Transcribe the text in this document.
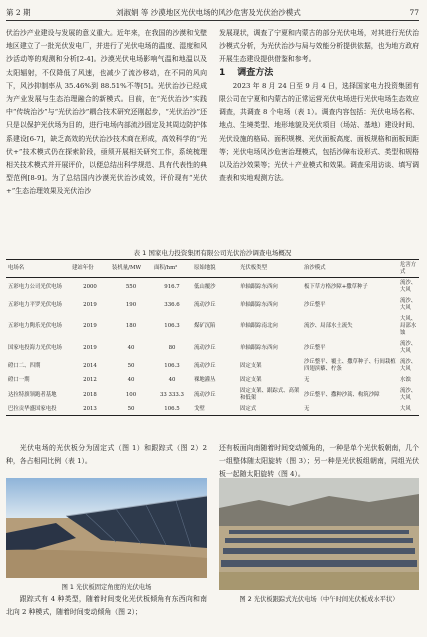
第 2 期	刘淑娟 等 沙漠地区光伏电场的风沙危害及光伏治沙模式	77

伏治沙产业建设与发展的意义重大。近年来，在我国的沙漠和戈壁地区建立了一批光伏发电厂，并进行了光伏电场的温度、湿度和风沙活动等的观测和分析[2-4]。沙漠光伏电场影响气温和地温以及太阳辐射，不仅降低了风速，也减少了流沙移动，在不同的风向下，风沙抑制率从 35.46%到 88.51%不等[5]。光伏治沙已经成为产业发展与生态治理融合的新模式。目前，在“光伏治沙”实践中“传统治沙”与“光伏治沙”耦合技术研究还刚起步，“光伏治沙”还只是以保护光伏场为目的，进行电场内部流沙固定及其周边防护体系建设[6-7]，缺乏高效的光伏治沙技术商在形成，高效科学的“光伏+”技术模式仍在探索阶段，亟须开展相关研究工作，系统梳理相关技术模式并开展评价，以便总结出科学规范、具有代表性的典型范例[8-9]。为了总结国内沙漠光伏治沙成效，评价现有“光伏+”生态治理效果及光伏治沙

发展现状，调查了宁夏和内蒙古的部分光伏电场，对其进行光伏治沙模式分析，为光伏治沙与局与效能分析提供依据，也为地方政府开展生态建设提供借鉴和参考。

1 调查方法

2023 年 8 月 24 日至 9 月 4 日，选择国家电力投资集团有限公司在宁夏和内蒙古的正常运营光伏电场进行光伏电场生态效应调查，共调查 8 个电场（表 1）。调查内容包括：光伏电场名称、地点、生境类型、地形地貌及光伏项目（场站、基地）建设时间、光伏设施的格局、面积规模、光伏面板高度、面板规格和面板间距等；光伏电场风沙危害治理模式，包括沙障布设形式、类型和规格以及治沙效果等；光伏＋产业模式和效果。调查采用访谈、填写调查表和实地观测方法。

表 1 国家电力投资集团有限公司光伏治沙调查电场概况
电场名	建站年份	装机量/MW	面积/hm²	原始地貌	光伏板类型	治沙模式	危害方式
五彩电力公司光伏电场	2000	550	916.7	低山覆沙	单轴跟踪东西向	板下草方格沙障+撒草种子	流沙、大风
五彩电力平罗光伏电场	2019	190	336.6	流动沙丘	单轴跟踪东西向	沙丘整平	流沙、大风
五彩电力陶乐光伏电场	2019	180	106.3	煤矿沉陷	单轴跟踪南北向	流沙、局部水土流失	大风、局部水蚀
国家电投海力光伏电场	2019	40	80	流动沙丘	单轴跟踪东西向	沙丘整平	流沙、大风
磴口二、四期	2014	50	106.3	流动沙丘	固定支架	沙丘整平、覆土、撒草种子、行间栽植四翅滨藜、柠条	流沙、大风
磴口一期	2012	40	40	裸地灌丛	固定支架	无	水蚀
达拉特旗领跑者基地	2018	100	33 333.3	流动沙丘	固定支架、跟踪式、高架和低架	沙丘整平、撒种沙蒿、构筑沙障	流沙、大风
巴拉贡华盛国家电投	2013	50	106.5	戈壁	固定式	无	大风

光伏电场的光伏板分为固定式（图 1）和跟踪式（图 2）2 种，各占相同比例（表 1）。

还有板面向南随着时间变动倾角的，一种是单个光伏板朝南，几个一组整体随太阳旋转（图 3）；另一种是光伏板组朝南，同组光伏板一起随太阳旋转（图 4）。

图 1 光伏板固定角度的光伏电场
图 2 光伏板跟踪式光伏电场（中午时间光伏板成水平状）

跟踪式有 4 种类型，随着时间变化光伏板倾角有东西向和南北向 2 种模式，随着时间变动倾角（图 2）；
